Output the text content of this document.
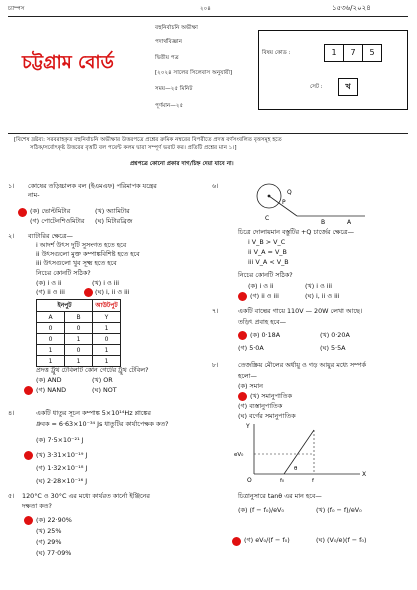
চ্যাম্পস	২০৪	১৫৩৬/২০২৪
চট্টগ্রাম বোর্ড
বহুনির্বাচনি অভীক্ষা
পদার্থবিজ্ঞান
দ্বিতীয় পত্র
[২০২৪ সালের সিলেবাস অনুযায়ী]
সময়—২৫ মিনিট
পূর্ণমান—২৫
বিষয় কোড :	1	7	5
সেট :	খ
[বিশেষ দ্রষ্টব্য: সরবরাহকৃত বহুনির্বাচনি অভীক্ষার উত্তরপত্রে প্রশ্নের ক্রমিক নম্বরের বিপরীতে প্রদত্ত বর্ণসংবলিত বৃত্তসমূহ হতে
সঠিক/সর্বোৎকৃষ্ট উত্তরের বৃত্তটি বল পয়েন্ট কলম দ্বারা সম্পূর্ণ ভরাট কর। প্রতিটি প্রশ্নের মান ১।]
প্রশ্নপত্রে কোনো প্রকার দাগ/চিহ্ন দেয়া যাবে না।
১। কোষের তড়িচ্চালক বল (ইএমএফ) পরিমাপক যন্ত্রের
নাম-
(ক) ভোল্টমিটার	(খ) অ্যামিটার
(গ) পোটেনশিওমিটার (ঘ) মিটারব্রিজ
২। ব্যাটারির ক্ষেত্রে—
i আদর্শ উৎস দুটি সুসংগত হতে হবে
ii উৎসগুলো মুক্ত কম্পাঙ্কবিশিষ্ট হতে হবে
iii উৎসগুলো খুব সূক্ষ্ম হতে হবে
নিচের কোনটি সঠিক?
(ক) i ও ii	(খ) i ও iii
(গ) ii ও iii	(ঘ) i, ii ও iii
ইনপুট		আউটপুট
A	B	Y
0	0	1
0	1	0
1	0	1
1	1	1
প্রদত্ত ট্রুথ টেবিলটি কোন গেটের ট্রুথ টেবিল?
(ক) AND	(খ) OR
(গ) NAND	(ঘ) NOT
৪।	একটি ধাতুর সূচন কম্পাঙ্ক 5×10¹⁴Hz প্লাঙ্কের
ধ্রুবক = 6·63×10⁻³⁴ Js ধাতুটির কার্যাপেক্ষক কত?
(ক) 7·5×10⁻²¹ J
(খ) 3·31×10⁻¹⁹ J
(গ) 1·32×10⁻¹⁸ J
(ঘ) 2·28×10⁻¹⁶ J
৫। 120°C ও 30°C এর মধ্যে কার্যরত কার্নো ইঞ্জিনের
দক্ষতা কত?
(ক) 22·90%
(খ) 25%
(গ) 29%
(ঘ) 77·09%
৬।
Q
P
B	A
C
চিত্রে দোলায়মান বস্তুটির +Q চার্জের ক্ষেত্রে—
i V_B > V_C
ii V_A = V_B
iii V_A < V_B
নিচের কোনটি সঠিক?
(ক) i ও ii	(খ) i ও iii
(গ) ii ও iii	(ঘ) i, ii ও iii
৭।	একটি বাল্বের গায়ে 110V — 20W লেখা আছে।
তড়িৎ প্রবাহ হবে—
(ক) 0·18A	(খ) 0·20A
(গ) 5·0A	(ঘ) 5·5A
৮।	তেজস্ক্রিয় মৌলের অর্ধায়ু ও গড় আয়ুর মধ্যে সম্পর্ক
হলো—
(ক) সমান
(খ) সমানুপাতিক
(গ) ব্যস্তানুপাতিক
(ঘ) বর্গের সমানুপাতিক
Y
eV₀
O	f₀	f
θ
X
চিত্রানুসারে tanθ এর মান হবে—
(ক) (f − f₀)/eV₀	(খ) (f₀ − f)/eV₀
(গ) eV₀/(f − f₀)	(ঘ) (V₀/e)(f − f₀)
